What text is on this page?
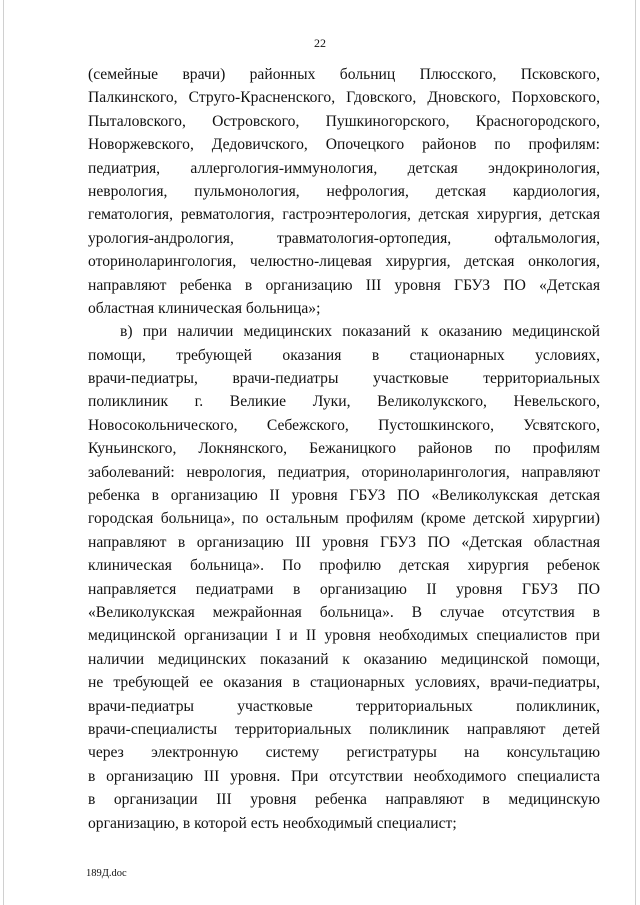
22
(семейные врачи) районных больниц Плюсского, Псковского,
Палкинского, Струго-Красненского, Гдовского, Дновского, Порховского,
Пыталовского, Островского, Пушкиногорского, Красногородского,
Новоржевского, Дедовичского, Опочецкого районов по профилям:
педиатрия, аллергология-иммунология, детская эндокринология,
неврология, пульмонология, нефрология, детская кардиология,
гематология, ревматология, гастроэнтерология, детская хирургия, детская
урология-андрология, травматология-ортопедия, офтальмология,
оториноларингология, челюстно-лицевая хирургия, детская онкология,
направляют ребенка в организацию III уровня ГБУЗ ПО «Детская
областная клиническая больница»;
в) при наличии медицинских показаний к оказанию медицинской
помощи, требующей оказания в стационарных условиях,
врачи-педиатры, врачи-педиатры участковые территориальных
поликлиник г. Великие Луки, Великолукского, Невельского,
Новосокольнического, Себежского, Пустошкинского, Усвятского,
Куньинского, Локнянского, Бежаницкого районов по профилям
заболеваний: неврология, педиатрия, оториноларингология, направляют
ребенка в организацию II уровня ГБУЗ ПО «Великолукская детская
городская больница», по остальным профилям (кроме детской хирургии)
направляют в организацию III уровня ГБУЗ ПО «Детская областная
клиническая больница». По профилю детская хирургия ребенок
направляется педиатрами в организацию II уровня ГБУЗ ПО
«Великолукская межрайонная больница». В случае отсутствия в
медицинской организации I и II уровня необходимых специалистов при
наличии медицинских показаний к оказанию медицинской помощи,
не требующей ее оказания в стационарных условиях, врачи-педиатры,
врачи-педиатры участковые территориальных поликлиник,
врачи-специалисты территориальных поликлиник направляют детей
через электронную систему регистратуры на консультацию
в организацию III уровня. При отсутствии необходимого специалиста
в организации III уровня ребенка направляют в медицинскую
организацию, в которой есть необходимый специалист;
189Д.doc
